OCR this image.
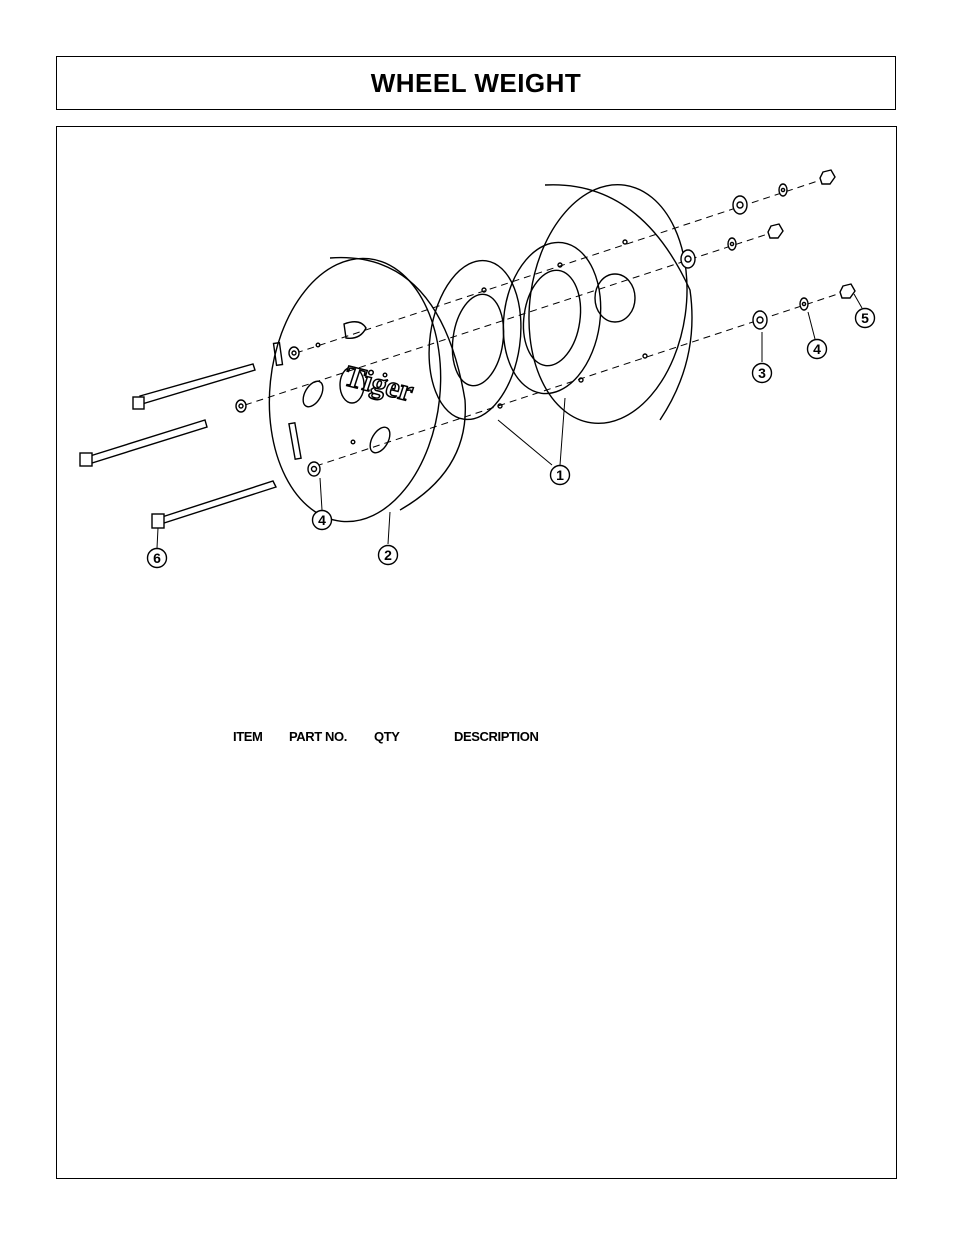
WHEEL WEIGHT
Tiger
1
2
3
4
4
5
6
ITEM PART NO. QTY	DESCRIPTION
